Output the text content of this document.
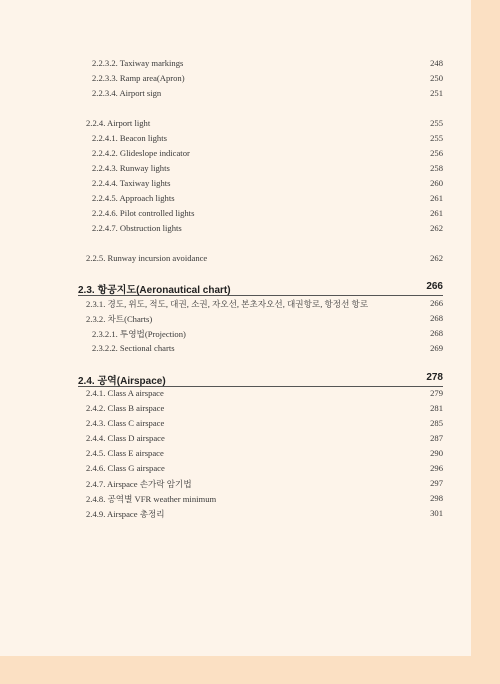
2.2.3.2. Taxiway markings	248
2.2.3.3. Ramp area(Apron)	250
2.2.3.4. Airport sign	251
2.2.4. Airport light	255
2.2.4.1. Beacon lights	255
2.2.4.2. Glideslope indicator	256
2.2.4.3. Runway lights	258
2.2.4.4. Taxiway lights	260
2.2.4.5. Approach lights	261
2.2.4.6. Pilot controlled lights	261
2.2.4.7. Obstruction lights	262
2.2.5. Runway incursion avoidance	262
2.3. 항공지도(Aeronautical chart)	266
2.3.1. 경도, 위도, 적도, 대권, 소권, 자오선, 본초자오선, 대권항로, 항정선 항로	266
2.3.2. 차트(Charts)	268
2.3.2.1. 투영법(Projection)	268
2.3.2.2. Sectional charts	269
2.4. 공역(Airspace)	278
2.4.1. Class A airspace	279
2.4.2. Class B airspace	281
2.4.3. Class C airspace	285
2.4.4. Class D airspace	287
2.4.5. Class E airspace	290
2.4.6. Class G airspace	296
2.4.7. Airspace 손가락 암기법	297
2.4.8. 공역별 VFR weather minimum	298
2.4.9. Airspace 총정리	301
